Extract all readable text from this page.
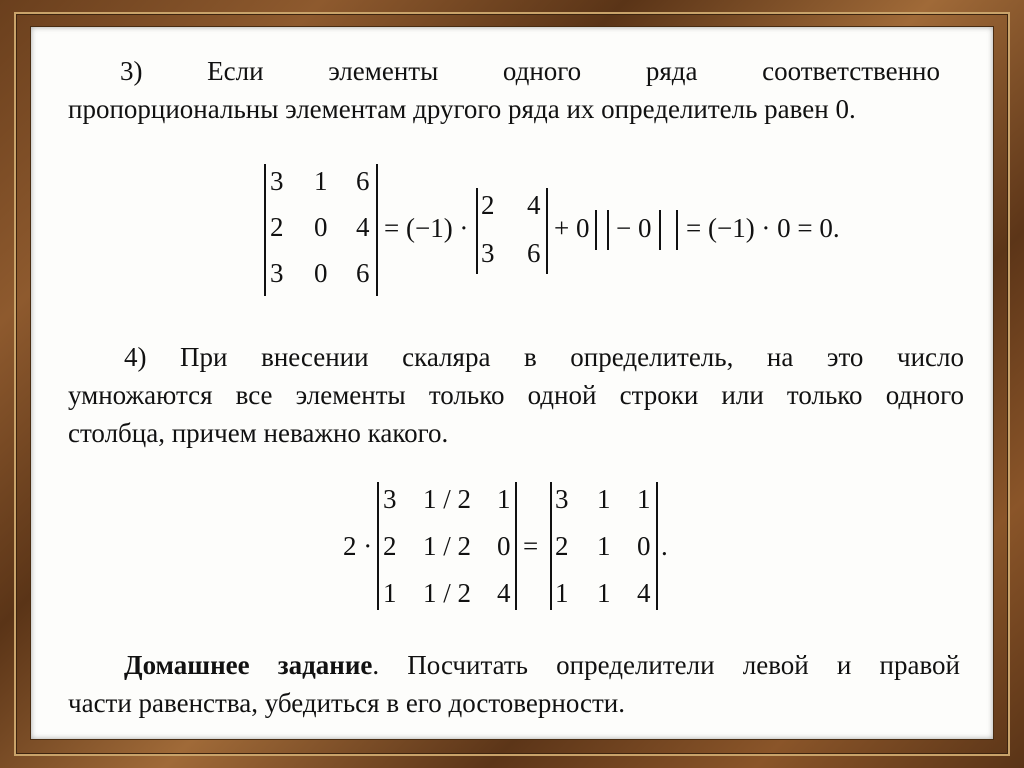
3) Если элементы одного ряда соответственно
пропорциональны элементам другого ряда их определитель равен 0.
3 1 6
2 0 4
3 0 6
= (−1) ·
2 4
3 6
+ 0 − 0 = (−1) · 0 = 0.
4) При внесении скаляра в определитель, на это число
умножаются все элементы только одной строки или только одного
столбца, причем неважно какого.
2 ·
3 1 / 2 1
2 1 / 2 0
1 1 / 2 4
=
3 1 1
2 1 0
1 1 4
.
Домашнее задание. Посчитать определители левой и правой
части равенства, убедиться в его достоверности.
